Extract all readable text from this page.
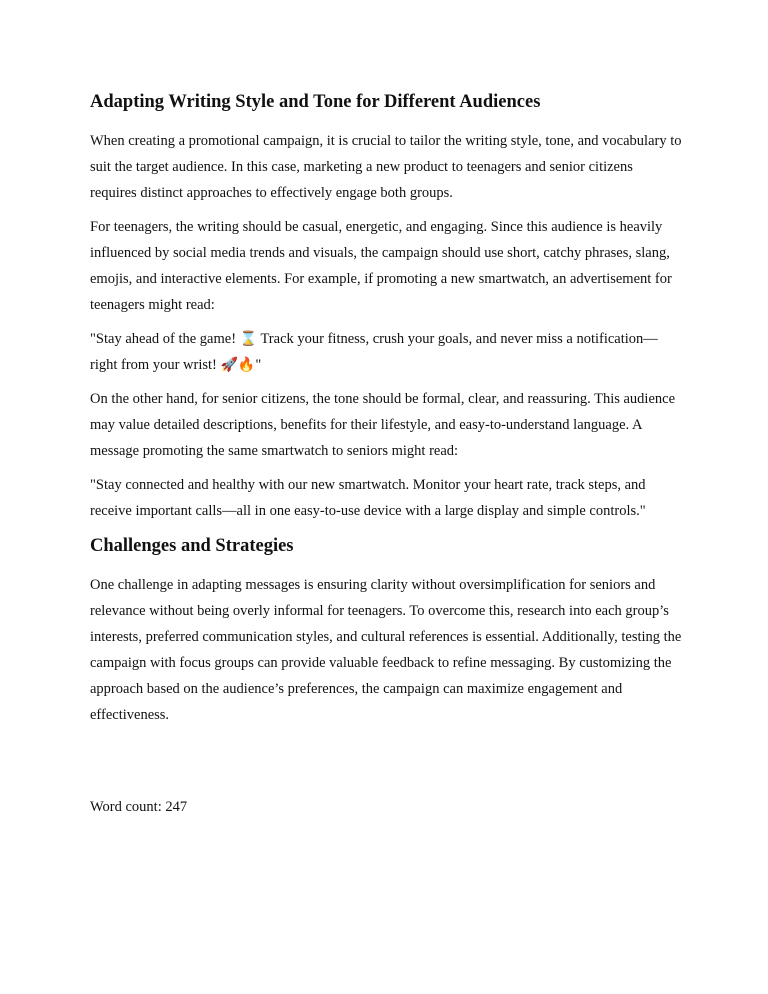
Adapting Writing Style and Tone for Different Audiences

When creating a promotional campaign, it is crucial to tailor the writing style, tone, and vocabulary to suit the target audience. In this case, marketing a new product to teenagers and senior citizens requires distinct approaches to effectively engage both groups.

For teenagers, the writing should be casual, energetic, and engaging. Since this audience is heavily influenced by social media trends and visuals, the campaign should use short, catchy phrases, slang, emojis, and interactive elements. For example, if promoting a new smartwatch, an advertisement for teenagers might read:

"Stay ahead of the game! ⌛ Track your fitness, crush your goals, and never miss a notification—right from your wrist! 🚀🔥"

On the other hand, for senior citizens, the tone should be formal, clear, and reassuring. This audience may value detailed descriptions, benefits for their lifestyle, and easy-to-understand language. A message promoting the same smartwatch to seniors might read:

"Stay connected and healthy with our new smartwatch. Monitor your heart rate, track steps, and receive important calls—all in one easy-to-use device with a large display and simple controls."

Challenges and Strategies

One challenge in adapting messages is ensuring clarity without oversimplification for seniors and relevance without being overly informal for teenagers. To overcome this, research into each group’s interests, preferred communication styles, and cultural references is essential. Additionally, testing the campaign with focus groups can provide valuable feedback to refine messaging. By customizing the approach based on the audience’s preferences, the campaign can maximize engagement and effectiveness.

Word count: 247
